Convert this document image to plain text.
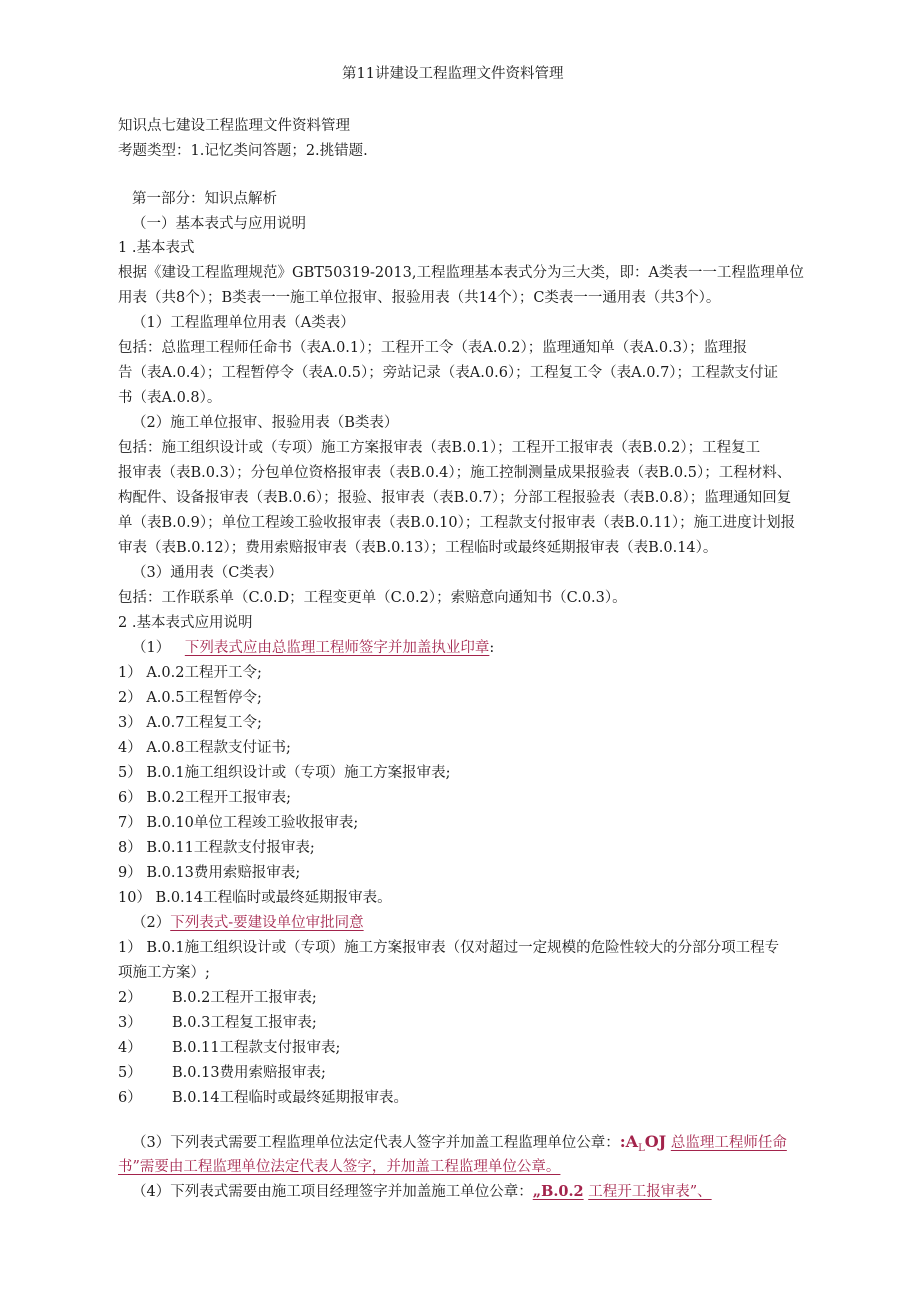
第11讲建设工程监理文件资料管理
知识点七建设工程监理文件资料管理
考题类型：1.记忆类问答题；2.挑错题.
第一部分：知识点解析
（一）基本表式与应用说明
1 .基本表式
根据《建设工程监理规范》GBT50319-2013,工程监理基本表式分为三大类，即：A类表一一工程监理单位
用表（共8个）；B类表一一施工单位报审、报验用表（共14个）；C类表一一通用表（共3个）。
（1）工程监理单位用表（A类表）
包括：总监理工程师任命书（表A.0.1）；工程开工令（表A.0.2）；监理通知单（表A.0.3）；监理报
告（表A.0.4）；工程暂停令（表A.0.5）；旁站记录（表A.0.6）；工程复工令（表A.0.7）；工程款支付证
书（表A.0.8）。
（2）施工单位报审、报验用表（B类表）
包括：施工组织设计或（专项）施工方案报审表（表B.0.1）；工程开工报审表（表B.0.2）；工程复工
报审表（表B.0.3）；分包单位资格报审表（表B.0.4）；施工控制测量成果报验表（表B.0.5）；工程材料、
构配件、设备报审表（表B.0.6）；报验、报审表（表B.0.7）；分部工程报验表（表B.0.8）；监理通知回复
单（表B.0.9）；单位工程竣工验收报审表（表B.0.10）；工程款支付报审表（表B.0.11）；施工进度计划报
审表（表B.0.12）；费用索赔报审表（表B.0.13）；工程临时或最终延期报审表（表B.0.14）。
（3）通用表（C类表）
包括：工作联系单（C.0.D；工程变更单（C.0.2）；索赔意向通知书（C.0.3）。
2 .基本表式应用说明
（1） 下列表式应由总监理工程师签字并加盖执业印章:
1） A.0.2工程开工令;
2） A.0.5工程暂停令;
3） A.0.7工程复工令;
4） A.0.8工程款支付证书;
5） B.0.1施工组织设计或（专项）施工方案报审表;
6） B.0.2工程开工报审表;
7） B.0.10单位工程竣工验收报审表;
8） B.0.11工程款支付报审表;
9） B.0.13费用索赔报审表;
10） B.0.14工程临时或最终延期报审表。
（2）下列表式-要建设单位审批同意
1） B.0.1施工组织设计或（专项）施工方案报审表（仅对超过一定规模的危险性较大的分部分项工程专
项施工方案）;
2） B.0.2工程开工报审表;
3） B.0.3工程复工报审表;
4） B.0.11工程款支付报审表;
5） B.0.13费用索赔报审表;
6） B.0.14工程临时或最终延期报审表。
（3）下列表式需要工程监理单位法定代表人签字并加盖工程监理单位公章：$:A_LOJ$ 总监理工程师任命
书”需要由工程监理单位法定代表人签字，并加盖工程监理单位公章。
（4）下列表式需要由施工项目经理签字并加盖施工单位公章：„B.0.2 工程开工报审表”、
